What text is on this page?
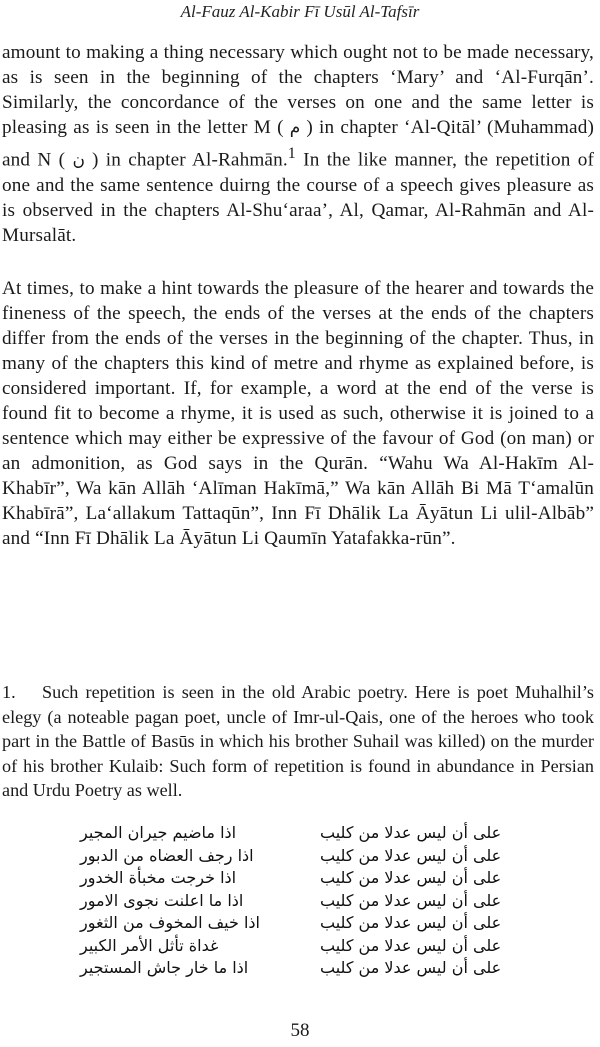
Al-Fauz Al-Kabir Fī Usūl Al-Tafsīr

amount to making a thing necessary which ought not to be made necessary, as is seen in the beginning of the chapters ‘Mary’ and ‘Al-Furqān’. Similarly, the concordance of the verses on one and the same letter is pleasing as is seen in the letter M ( م ) in chapter ‘Al-Qitāl’ (Muhammad) and N ( ن ) in chapter Al-Rahmān.$^1$ In the like manner, the repetition of one and the same sentence duirng the course of a speech gives pleasure as is observed in the chapters Al-Shu‘araa’, Al, Qamar, Al-Rahmān and Al-Mursalāt.

At times, to make a hint towards the pleasure of the hearer and towards the fineness of the speech, the ends of the verses at the ends of the chapters differ from the ends of the verses in the beginning of the chapter. Thus, in many of the chapters this kind of metre and rhyme as explained before, is considered important. If, for example, a word at the end of the verse is found fit to become a rhyme, it is used as such, otherwise it is joined to a sentence which may either be expressive of the favour of God (on man) or an admonition, as God says in the Qurān. “Wahu Wa Al-Hakīm Al-Khabīr”, Wa kān Allāh ‘Alīman Hakīmā,” Wa kān Allāh Bi Mā T‘amalūn Khabīrā”, La‘allakum Tattaqūn”, Inn Fī Dhālik La Āyātun Li ulil-Albāb” and “Inn Fī Dhālik La Āyātun Li Qaumīn Yatafakka-rūn”.

1. Such repetition is seen in the old Arabic poetry. Here is poet Muhalhil’s elegy (a noteable pagan poet, uncle of Imr-ul-Qais, one of the heroes who took part in the Battle of Basūs in which his brother Suhail was killed) on the murder of his brother Kulaib: Such form of repetition is found in abundance in Persian and Urdu Poetry as well.

اذا ماضيم جيران المجير
اذا رجف العضاه من الدبور
اذا خرجت مخبأة الخدور
اذا ما اعلنت نجوى الامور
اذا خيف المخوف من الثغور
غداة تأثل الأمر الكبير
اذا ما خار جاش المستجير
على أن ليس عدلا من كليب
على أن ليس عدلا من كليب
على أن ليس عدلا من كليب
على أن ليس عدلا من كليب
على أن ليس عدلا من كليب
على أن ليس عدلا من كليب
على أن ليس عدلا من كليب
58
